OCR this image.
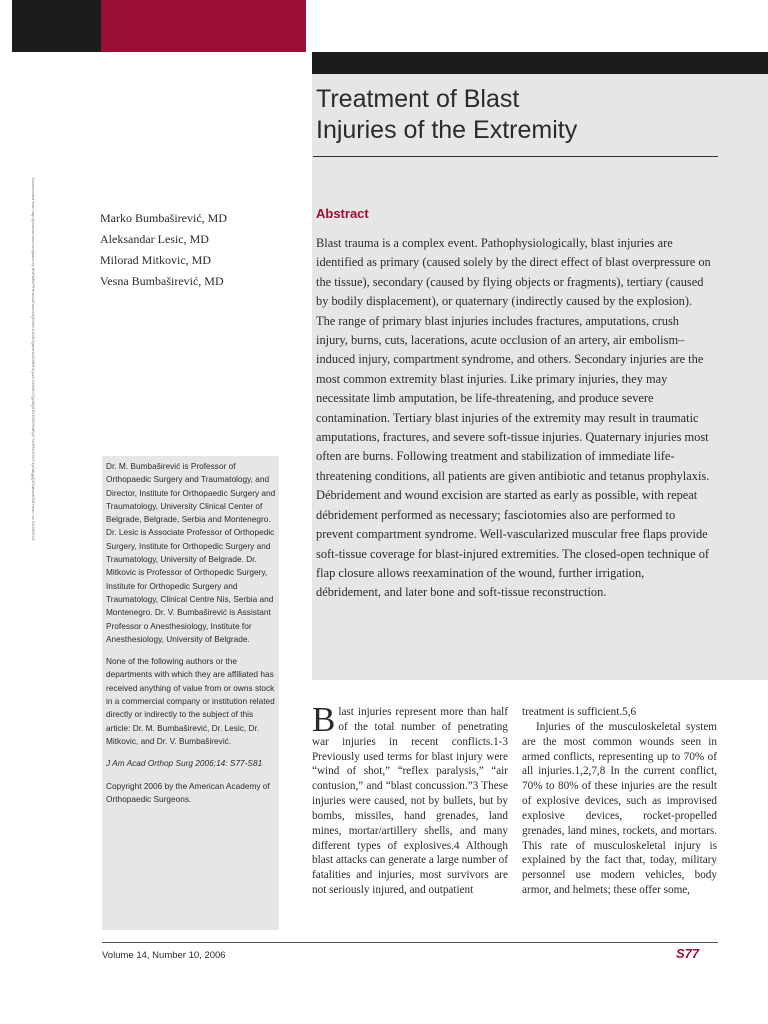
Downloaded from http://journals.lww.com/jaaos by BhDMf5ePHKav1zEoum1tQfN4a+kJLhEZgbsIHo4XMi0hCywCX1AWnYQp/IlQrHD3i3D0OdRyi7TvSFl4Cf3VC1y0abggQZXdtwnfKZBYtws= on 03/28/2021
Treatment of Blast
Injuries of the Extremity
Marko Bumbaširević, MD
Aleksandar Lesic, MD
Milorad Mitkovic, MD
Vesna Bumbaširević, MD
Abstract
Blast trauma is a complex event. Pathophysiologically, blast injuries are identified as primary (caused solely by the direct effect of blast overpressure on the tissue), secondary (caused by flying objects or fragments), tertiary (caused by bodily displacement), or quaternary (indirectly caused by the explosion). The range of primary blast injuries includes fractures, amputations, crush injury, burns, cuts, lacerations, acute occlusion of an artery, air embolism–induced injury, compartment syndrome, and others. Secondary injuries are the most common extremity blast injuries. Like primary injuries, they may necessitate limb amputation, be life-threatening, and produce severe contamination. Tertiary blast injuries of the extremity may result in traumatic amputations, fractures, and severe soft-tissue injuries. Quaternary injuries most often are burns. Following treatment and stabilization of immediate life-threatening conditions, all patients are given antibiotic and tetanus prophylaxis. Débridement and wound excision are started as early as possible, with repeat débridement performed as necessary; fasciotomies also are performed to prevent compartment syndrome. Well-vascularized muscular free flaps provide soft-tissue coverage for blast-injured extremities. The closed-open technique of flap closure allows reexamination of the wound, further irrigation, débridement, and later bone and soft-tissue reconstruction.

Dr. M. Bumbaširević is Professor of Orthopaedic Surgery and Traumatology, and Director, Institute for Orthopaedic Surgery and Traumatology, University Clinical Center of Belgrade, Belgrade, Serbia and Montenegro. Dr. Lesic is Associate Professor of Orthopedic Surgery, Institute for Orthopedic Surgery and Traumatology, University of Belgrade. Dr. Mitkovic is Professor of Orthopedic Surgery, Institute for Orthopedic Surgery and Traumatology, Clinical Centre Nis, Serbia and Montenegro. Dr. V. Bumbaširević is Assistant Professor o Anesthesiology, Institute for Anesthesiology, University of Belgrade.

None of the following authors or the departments with which they are affiliated has received anything of value from or owns stock in a commercial company or institution related directly or indirectly to the subject of this article: Dr. M. Bumbaširević, Dr. Lesic, Dr. Mitkovic, and Dr. V. Bumbaširević.

J Am Acad Orthop Surg 2006;14: S77-S81

Copyright 2006 by the American Academy of Orthopaedic Surgeons.

Blast injuries represent more than half of the total number of penetrating war injuries in recent conflicts.1-3 Previously used terms for blast injury were “wind of shot,” “reflex paralysis,” “air contusion,” and “blast concussion.”3 These injuries were caused, not by bullets, but by bombs, missiles, hand grenades, land mines, mortar/artillery shells, and many different types of explosives.4 Although blast attacks can generate a large number of fatalities and injuries, most survivors are not seriously injured, and outpatient

treatment is sufficient.5,6

Injuries of the musculoskeletal system are the most common wounds seen in armed conflicts, representing up to 70% of all injuries.1,2,7,8 In the current conflict, 70% to 80% of these injuries are the result of explosive devices, such as improvised explosive devices, rocket-propelled grenades, land mines, rockets, and mortars. This rate of musculoskeletal injury is explained by the fact that, today, military personnel use modern vehicles, body armor, and helmets; these offer some,

Volume 14, Number 10, 2006	S77
